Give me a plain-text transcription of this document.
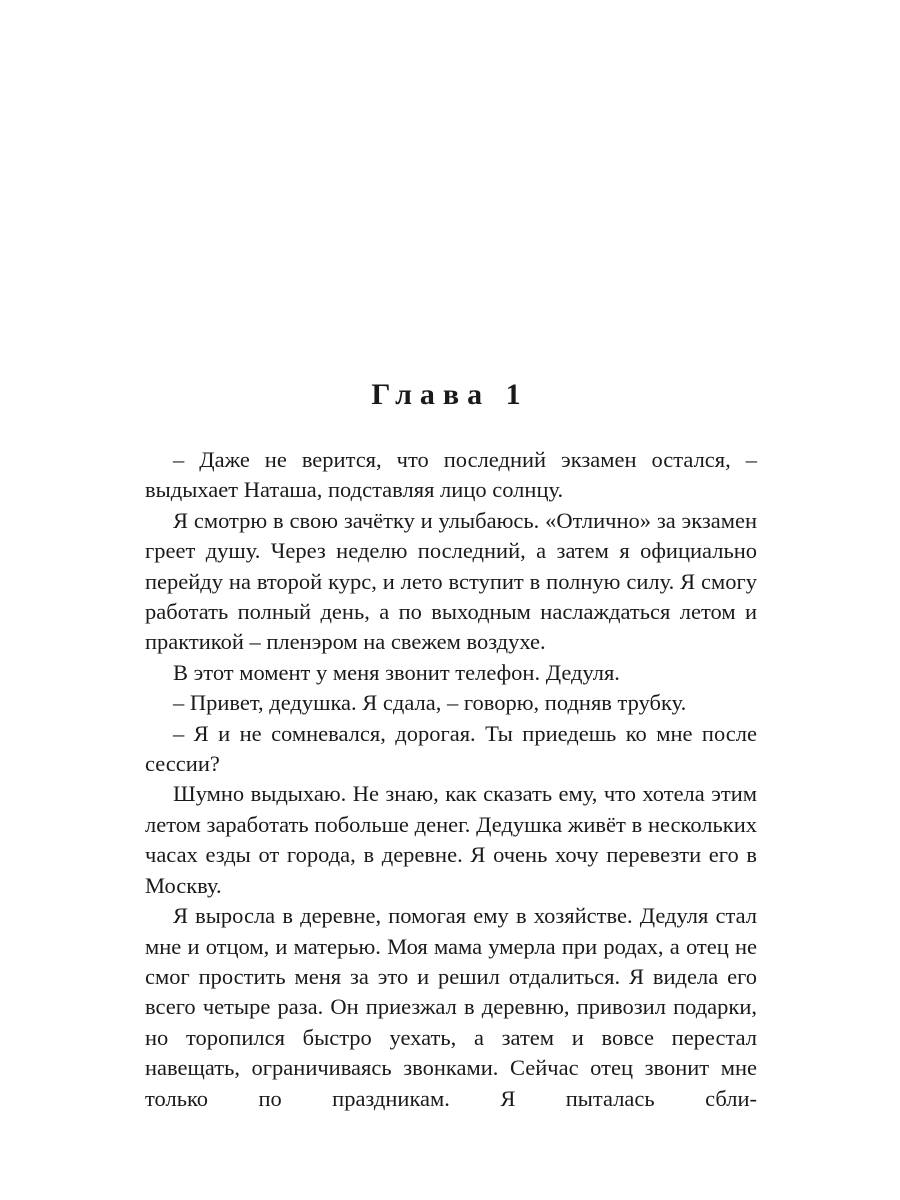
Глава 1

– Даже не верится, что последний экзамен остался, – выдыхает Наташа, подставляя лицо солнцу.

Я смотрю в свою зачётку и улыбаюсь. «Отлично» за экзамен греет душу. Через неделю последний, а затем я официально перейду на второй курс, и лето вступит в полную силу. Я смогу работать полный день, а по выходным наслаждаться летом и практикой – пленэром на свежем воздухе.

В этот момент у меня звонит телефон. Дедуля.

– Привет, дедушка. Я сдала, – говорю, подняв трубку.

– Я и не сомневался, дорогая. Ты приедешь ко мне после сессии?

Шумно выдыхаю. Не знаю, как сказать ему, что хотела этим летом заработать побольше денег. Дедушка живёт в нескольких часах езды от города, в деревне. Я очень хочу перевезти его в Москву.

Я выросла в деревне, помогая ему в хозяйстве. Дедуля стал мне и отцом, и матерью. Моя мама умерла при родах, а отец не смог простить меня за это и решил отдалиться. Я видела его всего четыре раза. Он приезжал в деревню, привозил подарки, но торопился быстро уехать, а затем и вовсе перестал навещать, ограничиваясь звонками. Сейчас отец звонит мне только по праздникам. Я пыталась сбли-
